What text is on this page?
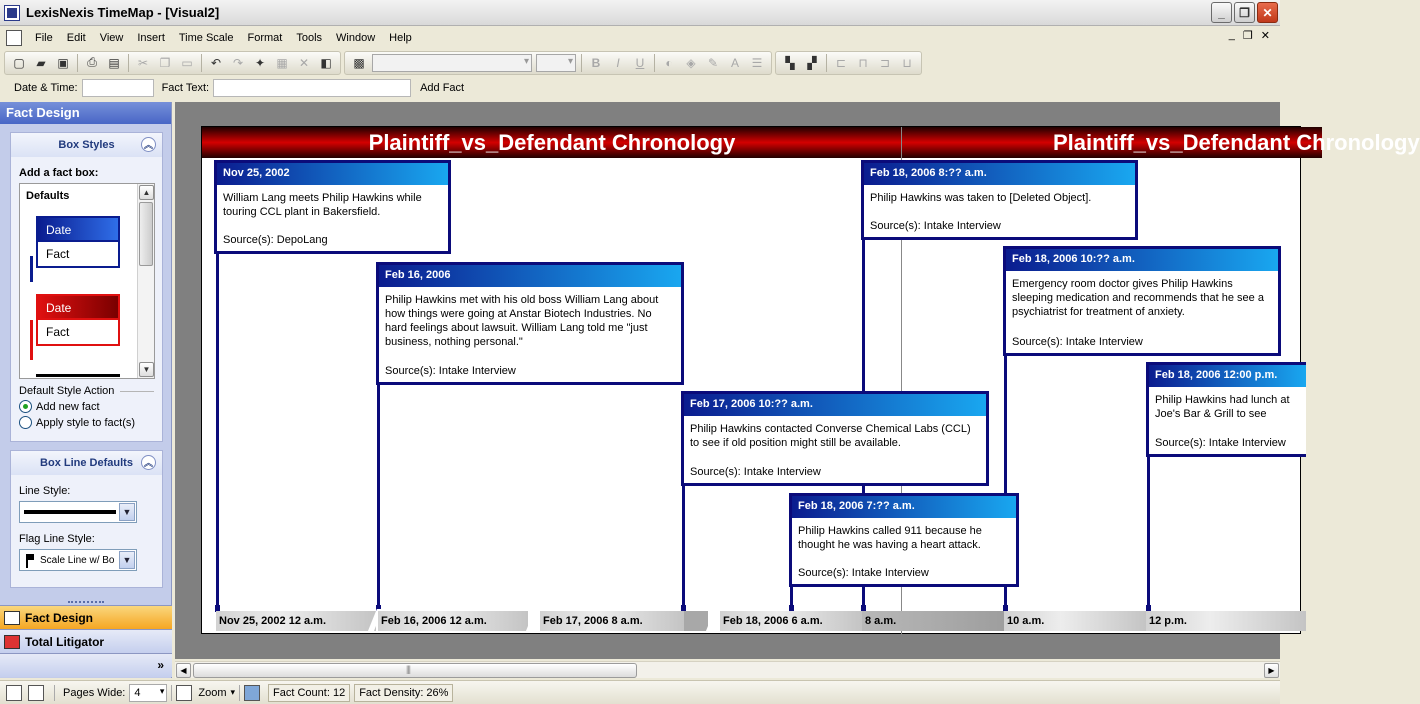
LexisNexis TimeMap - [Visual2]	_	❐	✕
File	Edit	View	Insert	Time Scale	Format	Tools	Window	Help	_ ❐ ✕
▢ ▰ ▣	⎙ ▤	✂ ❐ ▭	↶ ↷ ✦ ▦ ✕ ◧	▩ ▾ ▾	B	I	U	◐	◈	✎	A	☰	▚	▞	⊏	⊓	⊐	⊔
Date & Time:	Fact Text:	Add Fact
Fact Design
Box Styles	︽
Add a fact box:
Defaults
Date
Fact
Date
Fact
▲
▼
Default Style Action
Add new fact
Apply style to fact(s)
Box Line Defaults	︽
Line Style:
▼
Flag Line Style:
Scale Line w/ Bo ▼
Fact Design
Total Litigator
»
Plaintiff_vs_Defendant Chronology	Plaintiff_vs_Defendant Chronology
Nov 25, 2002
William Lang meets Philip Hawkins while touring CCL plant in Bakersfield.
Source(s): DepoLang
Feb 16, 2006
Philip Hawkins met with his old boss William Lang about how things were going at Anstar Biotech Industries. No hard feelings about lawsuit. William Lang told me "just business, nothing personal."
Source(s): Intake Interview
Feb 17, 2006 10:?? a.m.
Philip Hawkins contacted Converse Chemical Labs (CCL) to see if old position might still be available.
Source(s): Intake Interview
Feb 18, 2006 7:?? a.m.
Philip Hawkins called 911 because he thought he was having a heart attack.
Source(s): Intake Interview
Feb 18, 2006 8:?? a.m.
Philip Hawkins was taken to [Deleted Object].
Source(s): Intake Interview
Feb 18, 2006 10:?? a.m.
Emergency room doctor gives Philip Hawkins sleeping medication and recommends that he see a psychiatrist for treatment of anxiety.
Source(s): Intake Interview
Feb 18, 2006 12:00 p.m.
Philip Hawkins had lunch at Joe's Bar & Grill to see
Source(s): Intake Interview
Nov 25, 2002 12 a.m.	Feb 16, 2006 12 a.m.	Feb 17, 2006 8 a.m.	Feb 18, 2006 6 a.m.	8 a.m.	10 a.m.	12 p.m.
◀ |||	▶
Pages Wide: 4 ▾	Zoom ▾	Fact Count: 12	Fact Density: 26%
